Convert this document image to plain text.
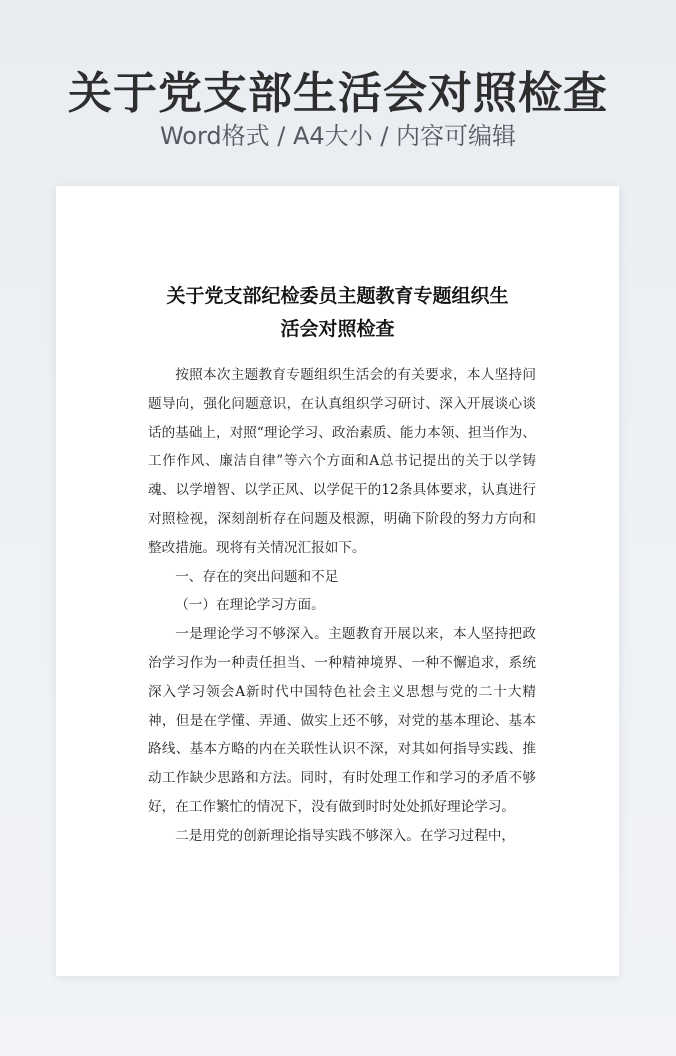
关于党支部生活会对照检查
Word格式 / A4大小 / 内容可编辑
关于党支部纪检委员主题教育专题组织生
活会对照检查

按照本次主题教育专题组织生活会的有关要求，本人坚持问题导向，强化问题意识，在认真组织学习研讨、深入开展谈心谈话的基础上，对照“理论学习、政治素质、能力本领、担当作为、工作作风、廉洁自律”等六个方面和A总书记提出的关于以学铸魂、以学增智、以学正风、以学促干的12条具体要求，认真进行对照检视，深刻剖析存在问题及根源，明确下阶段的努力方向和整改措施。现将有关情况汇报如下。

一、存在的突出问题和不足

（一）在理论学习方面。

一是理论学习不够深入。主题教育开展以来，本人坚持把政治学习作为一种责任担当、一种精神境界、一种不懈追求，系统深入学习领会A新时代中国特色社会主义思想与党的二十大精神，但是在学懂、弄通、做实上还不够，对党的基本理论、基本路线、基本方略的内在关联性认识不深，对其如何指导实践、推动工作缺少思路和方法。同时，有时处理工作和学习的矛盾不够好，在工作繁忙的情况下，没有做到时时处处抓好理论学习。

二是用党的创新理论指导实践不够深入。在学习过程中，
